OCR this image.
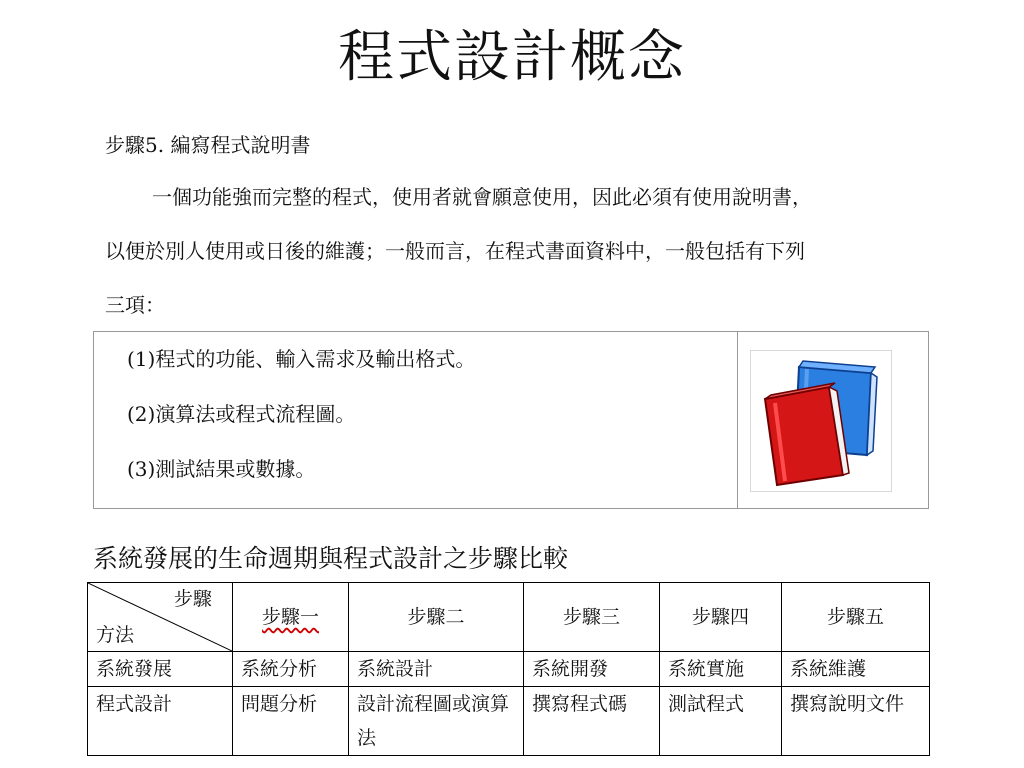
程式設計概念
步驟5. 編寫程式說明書
一個功能強而完整的程式，使用者就會願意使用，因此必須有使用說明書，
以便於別人使用或日後的維護；一般而言，在程式書面資料中，一般包括有下列
三項：
(1)程式的功能、輸入需求及輸出格式。
(2)演算法或程式流程圖。
(3)測試結果或數據。
系統發展的生命週期與程式設計之步驟比較
步驟
方法	步驟一	步驟二	步驟三	步驟四	步驟五
系統發展	系統分析	系統設計	系統開發	系統實施	系統維護
程式設計	問題分析	設計流程圖或演算法	撰寫程式碼	測試程式	撰寫說明文件
